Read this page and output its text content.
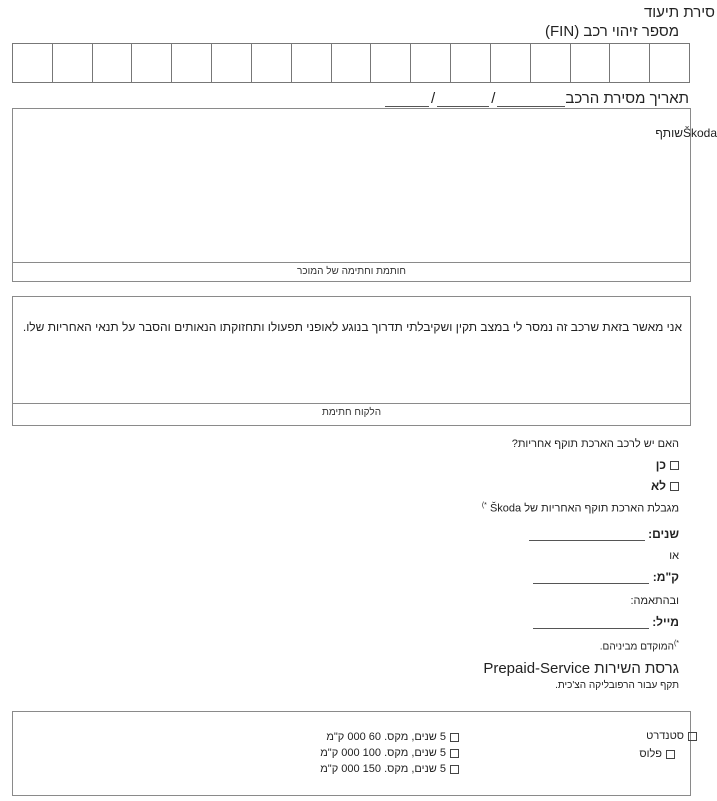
סירת תיעוד
מספר זיהוי רכב (FIN)
תאריך מסירת הרכב//
חותמת וחתימה של המוכר
Škodaשותף
אני מאשר בזאת שרכב זה נמסר לי במצב תקין ושקיבלתי תדרוך בנוגע לאופני תפעולו ותחזוקתו הנאותים והסבר על תנאי האחריות שלו.
הלקוח חתימת
האם יש לרכב הארכת תוקף אחריות?
כן
לא
מגבלת הארכת תוקף האחריות של Škoda *)
שנים:
או
ק"מ:
ובהתאמה:
מייל:
*)המוקדם מביניהם.
גרסת השירות Prepaid-Service
תקף עבור הרפובליקה הצ'כית.
סטנדרט
פלוס
5 שנים, מקס. 60 000 ק"מ
5 שנים, מקס. 100 000 ק"מ
5 שנים, מקס. 150 000 ק"מ
